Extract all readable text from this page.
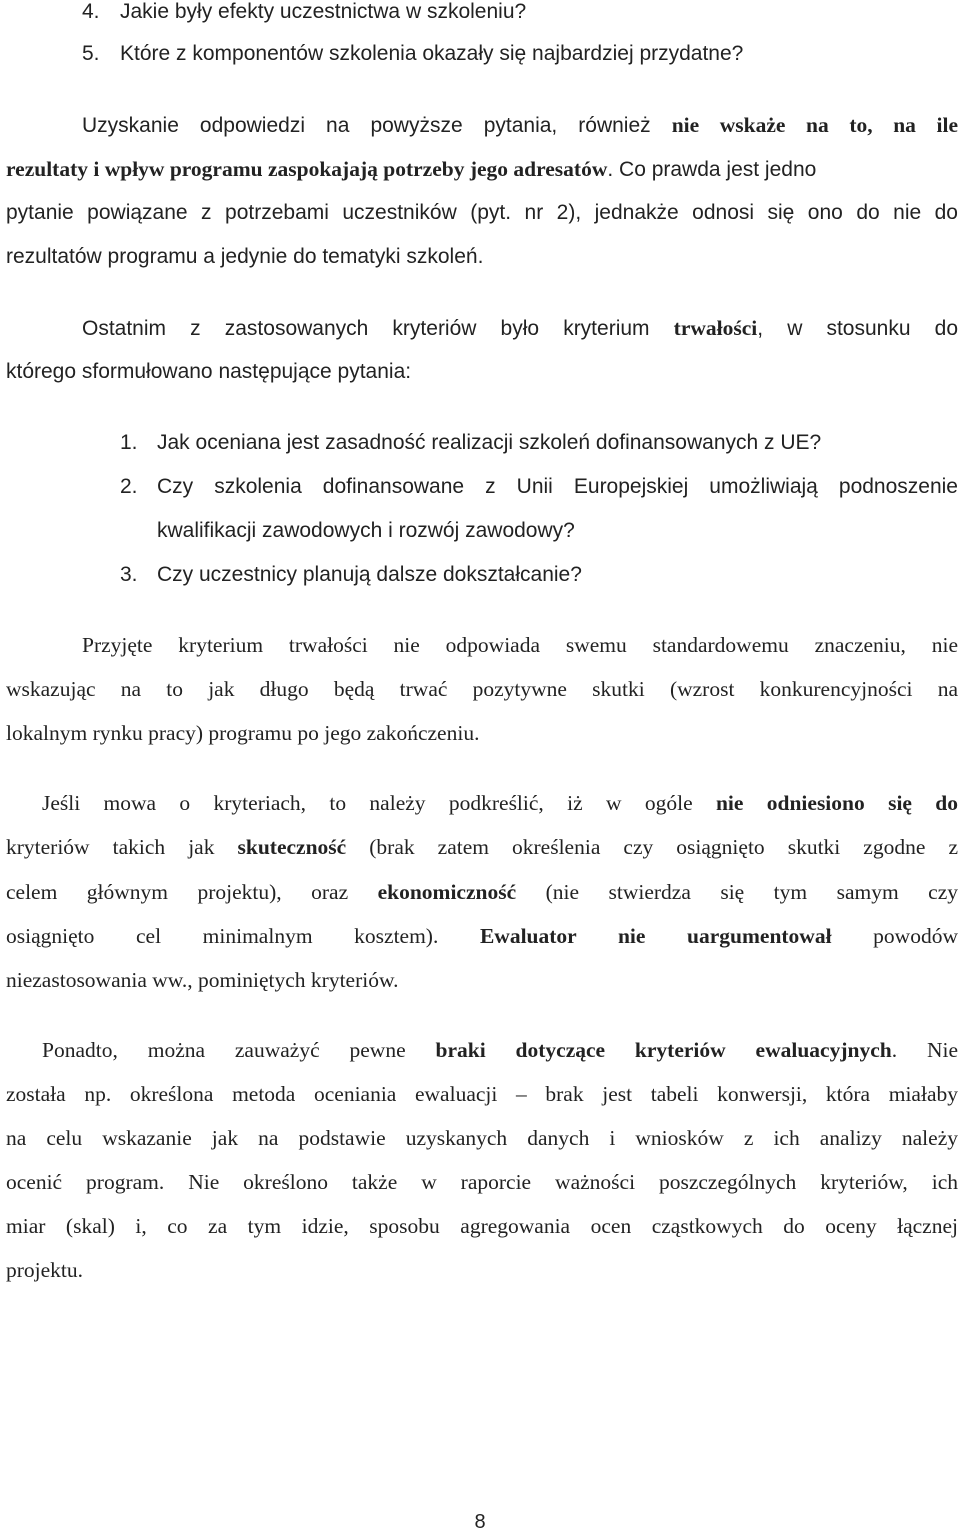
4. Jakie były efekty uczestnictwa w szkoleniu?
5. Które z komponentów szkolenia okazały się najbardziej przydatne?
Uzyskanie odpowiedzi na powyższe pytania, również nie wskaże na to, na ile
rezultaty i wpływ programu zaspokajają potrzeby jego adresatów. Co prawda jest jedno
pytanie powiązane z potrzebami uczestników (pyt. nr 2), jednakże odnosi się ono do nie do
rezultatów programu a jedynie do tematyki szkoleń.
Ostatnim z zastosowanych kryteriów było kryterium trwałości, w stosunku do
którego sformułowano następujące pytania:
1. Jak oceniana jest zasadność realizacji szkoleń dofinansowanych z UE?
2. Czy szkolenia dofinansowane z Unii Europejskiej umożliwiają podnoszenie
kwalifikacji zawodowych i rozwój zawodowy?
3. Czy uczestnicy planują dalsze dokształcanie?
Przyjęte kryterium trwałości nie odpowiada swemu standardowemu znaczeniu, nie
wskazując na to jak długo będą trwać pozytywne skutki (wzrost konkurencyjności na
lokalnym rynku pracy) programu po jego zakończeniu.
Jeśli mowa o kryteriach, to należy podkreślić, iż w ogóle nie odniesiono się do
kryteriów takich jak skuteczność (brak zatem określenia czy osiągnięto skutki zgodne z
celem głównym projektu), oraz ekonomiczność (nie stwierdza się tym samym czy
osiągnięto cel minimalnym kosztem). Ewaluator nie uargumentował powodów
niezastosowania ww., pominiętych kryteriów.
Ponadto, można zauważyć pewne braki dotyczące kryteriów ewaluacyjnych. Nie
została np. określona metoda oceniania ewaluacji – brak jest tabeli konwersji, która miałaby
na celu wskazanie jak na podstawie uzyskanych danych i wniosków z ich analizy należy
ocenić program. Nie określono także w raporcie ważności poszczególnych kryteriów, ich
miar (skal) i, co za tym idzie, sposobu agregowania ocen cząstkowych do oceny łącznej
projektu.
8
